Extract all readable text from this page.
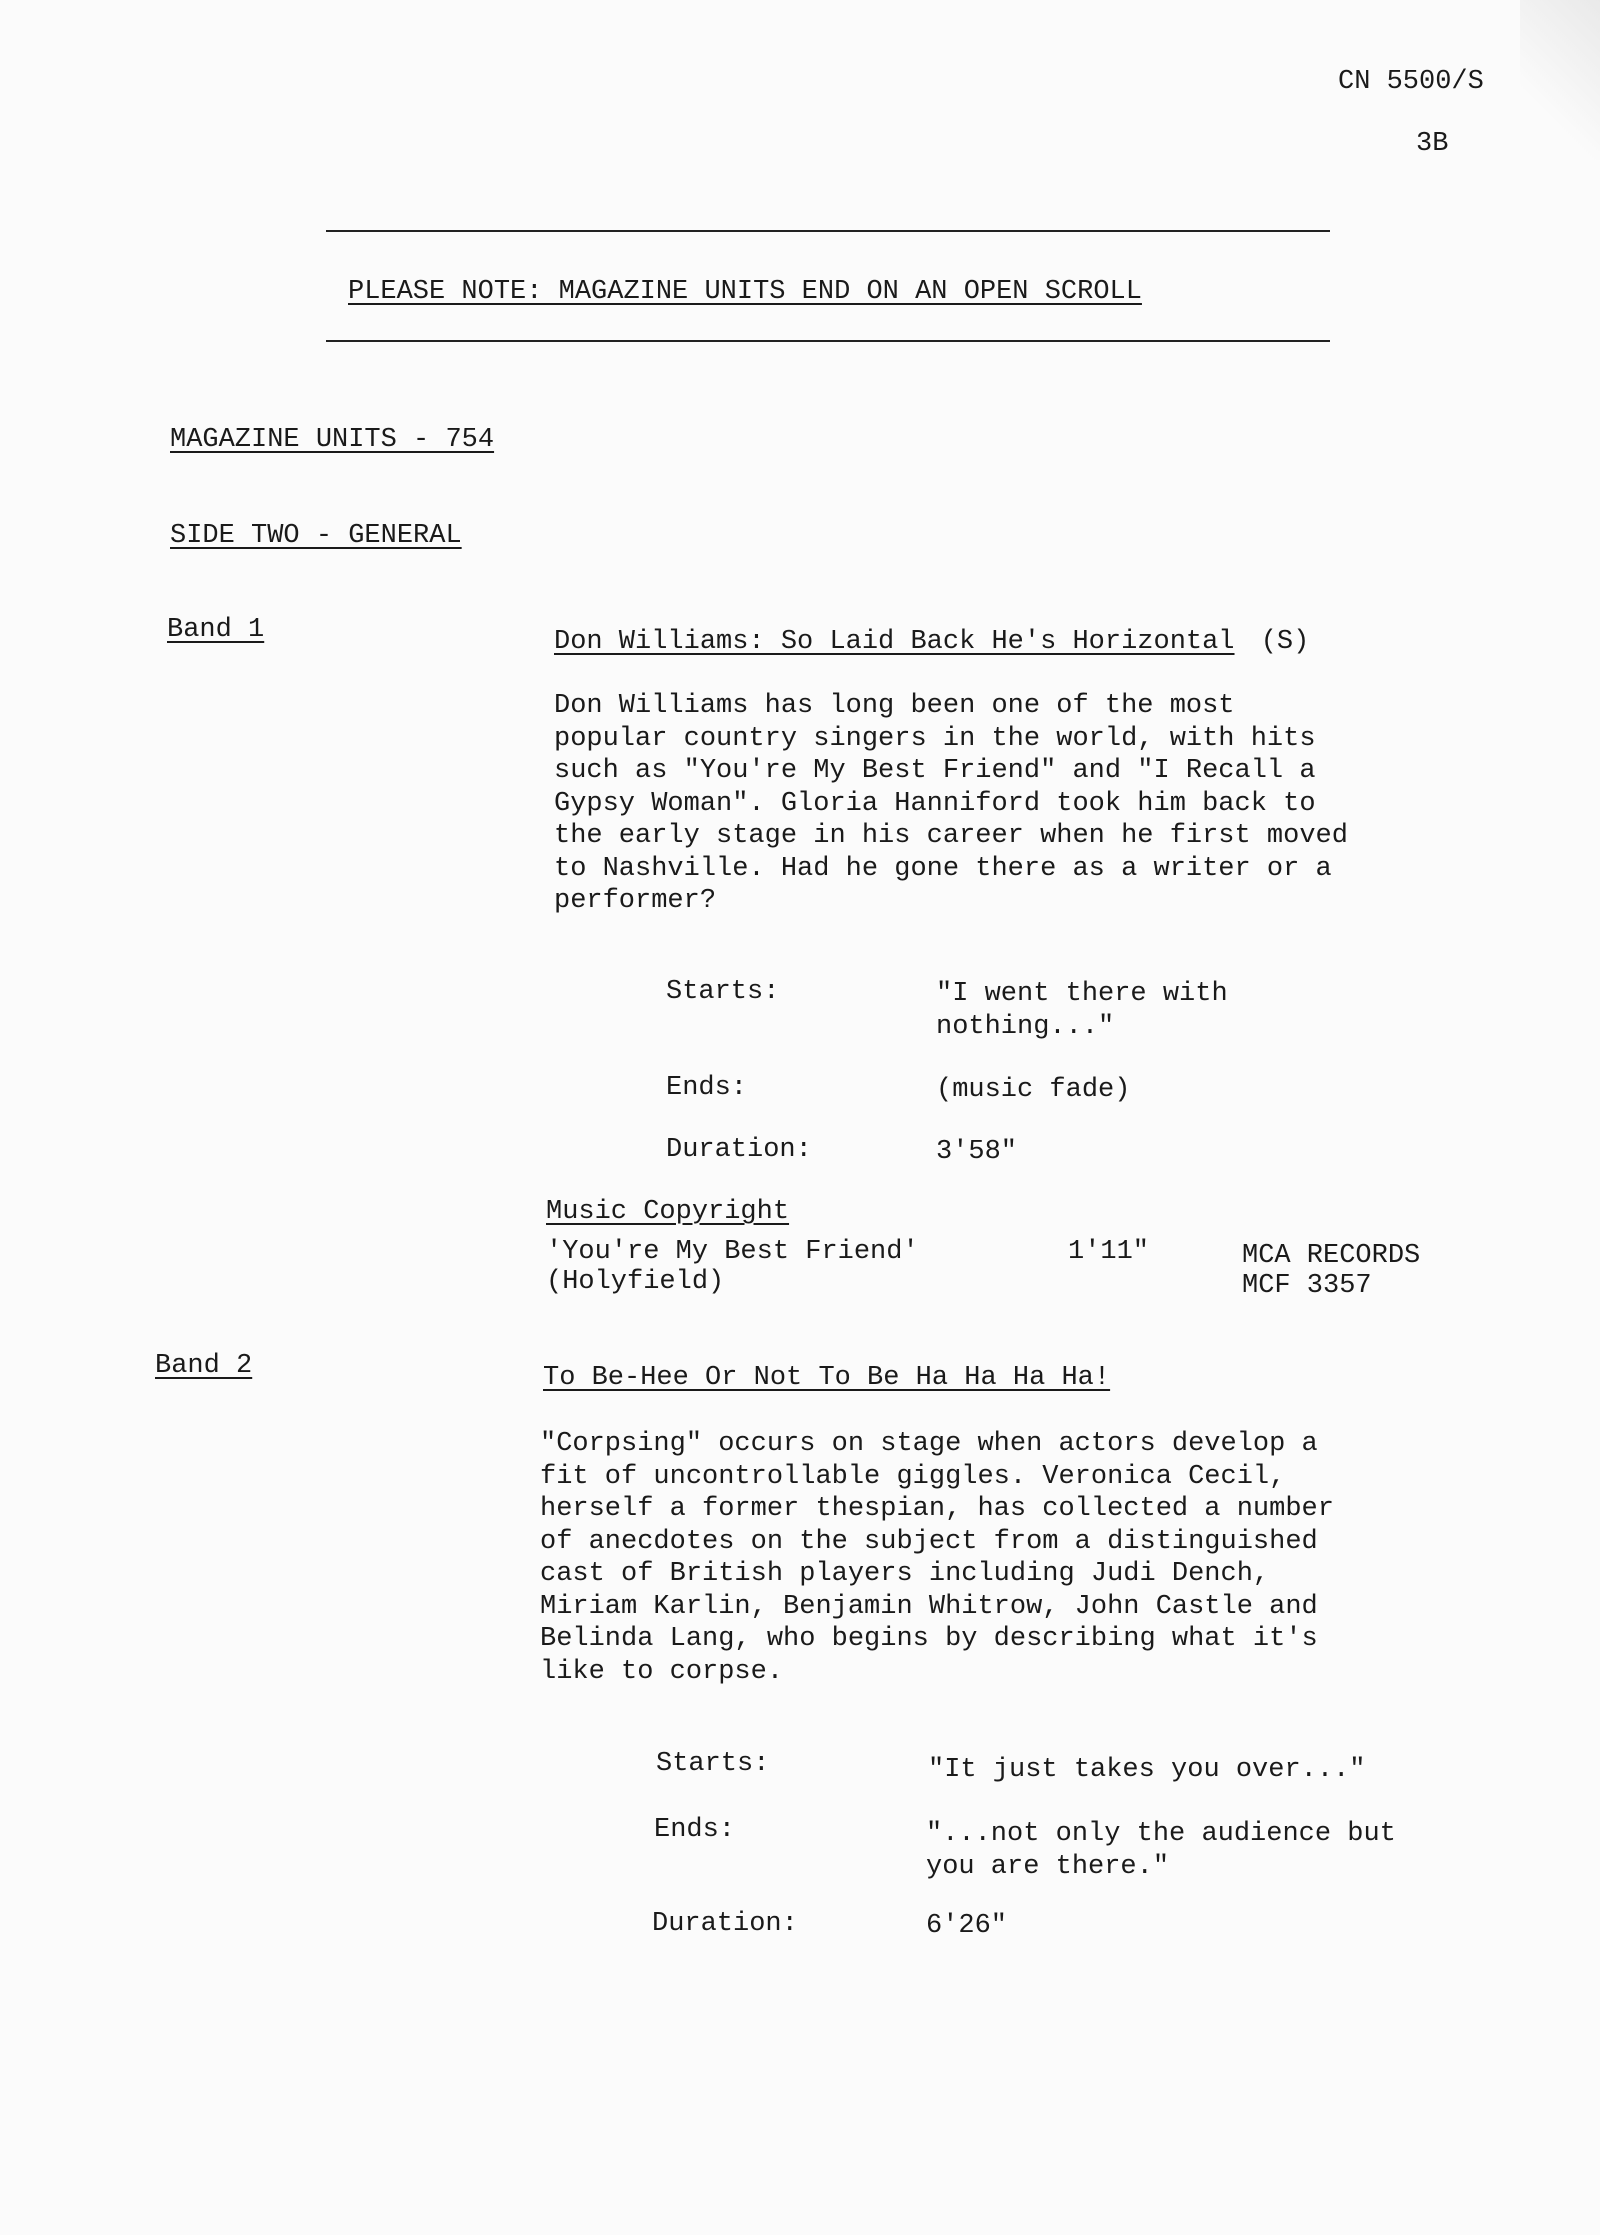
CN 5500/S
3B
PLEASE NOTE: MAGAZINE UNITS END ON AN OPEN SCROLL
MAGAZINE UNITS - 754
SIDE TWO - GENERAL
Band 1	Don Williams: So Laid Back He's Horizontal (S)
Don Williams has long been one of the most
popular country singers in the world, with hits
such as "You're My Best Friend" and "I Recall a
Gypsy Woman". Gloria Hanniford took him back to
the early stage in his career when he first moved
to Nashville. Had he gone there as a writer or a
performer?
Starts:	"I went there with
nothing..."
Ends:	(music fade)
Duration:	3'58"
Music Copyright
'You're My Best Friend'
(Holyfield)
1'11"	MCA RECORDS
MCF 3357
Band 2	To Be-Hee Or Not To Be Ha Ha Ha Ha!
"Corpsing" occurs on stage when actors develop a
fit of uncontrollable giggles. Veronica Cecil,
herself a former thespian, has collected a number
of anecdotes on the subject from a distinguished
cast of British players including Judi Dench,
Miriam Karlin, Benjamin Whitrow, John Castle and
Belinda Lang, who begins by describing what it's
like to corpse.
Starts:	"It just takes you over..."
Ends:	"...not only the audience but
you are there."
Duration:	6'26"
